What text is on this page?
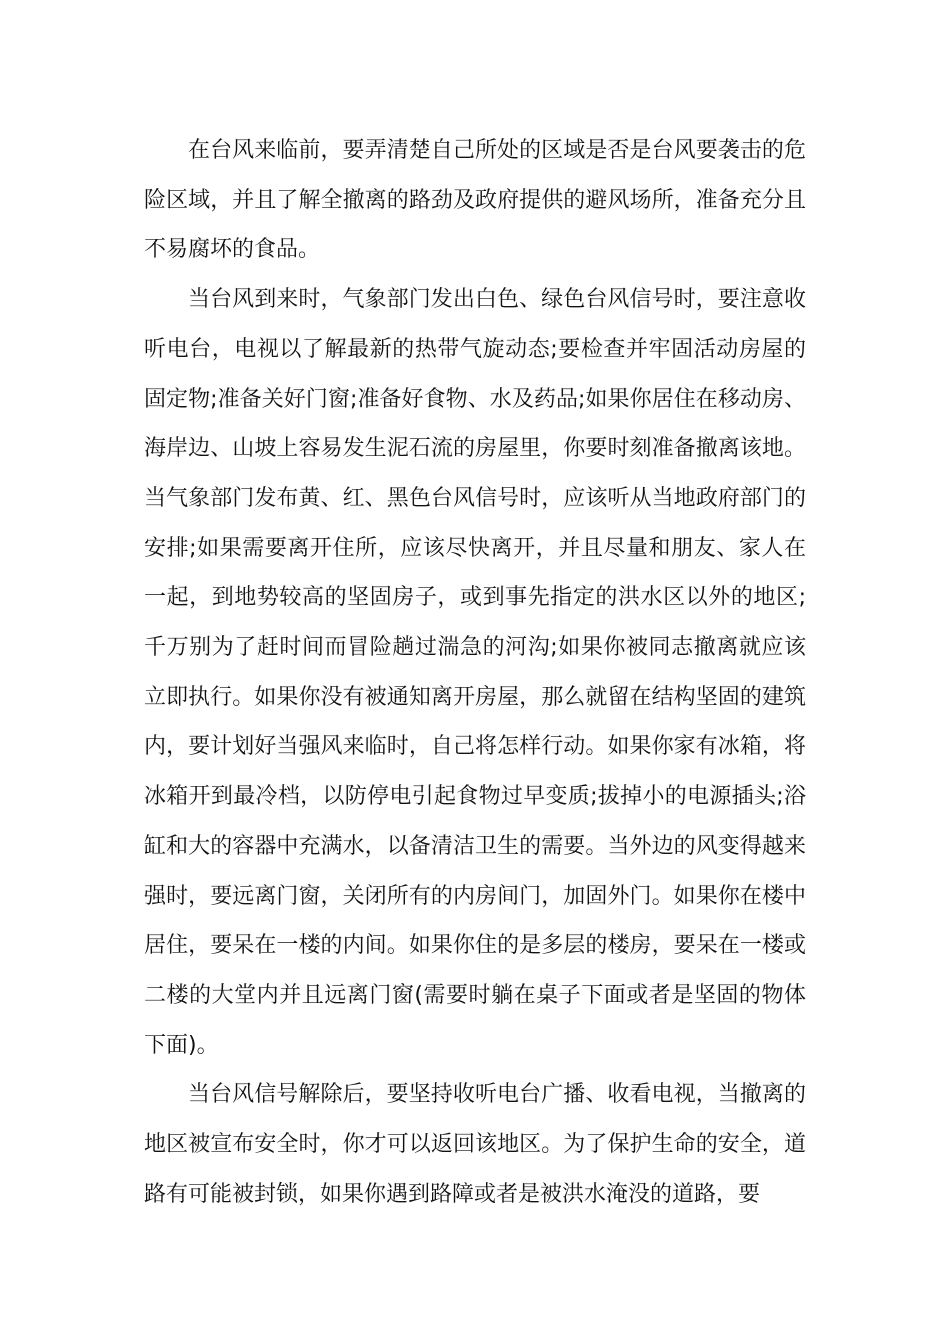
在台风来临前，要弄清楚自己所处的区域是否是台风要袭击的危险区域，并且了解全撤离的路劲及政府提供的避风场所，准备充分且不易腐坏的食品。

当台风到来时，气象部门发出白色、绿色台风信号时，要注意收听电台，电视以了解最新的热带气旋动态;要检查并牢固活动房屋的固定物;准备关好门窗;准备好食物、水及药品;如果你居住在移动房、海岸边、山坡上容易发生泥石流的房屋里，你要时刻准备撤离该地。当气象部门发布黄、红、黑色台风信号时，应该听从当地政府部门的安排;如果需要离开住所，应该尽快离开，并且尽量和朋友、家人在一起，到地势较高的坚固房子，或到事先指定的洪水区以外的地区;千万别为了赶时间而冒险趟过湍急的河沟;如果你被同志撤离就应该立即执行。如果你没有被通知离开房屋，那么就留在结构坚固的建筑内，要计划好当强风来临时，自己将怎样行动。如果你家有冰箱，将冰箱开到最冷档，以防停电引起食物过早变质;拔掉小的电源插头;浴缸和大的容器中充满水，以备清洁卫生的需要。当外边的风变得越来强时，要远离门窗，关闭所有的内房间门，加固外门。如果你在楼中居住，要呆在一楼的内间。如果你住的是多层的楼房，要呆在一楼或二楼的大堂内并且远离门窗(需要时躺在桌子下面或者是坚固的物体下面)。

当台风信号解除后，要坚持收听电台广播、收看电视，当撤离的地区被宣布安全时，你才可以返回该地区。为了保护生命的安全，道路有可能被封锁，如果你遇到路障或者是被洪水淹没的道路，要
